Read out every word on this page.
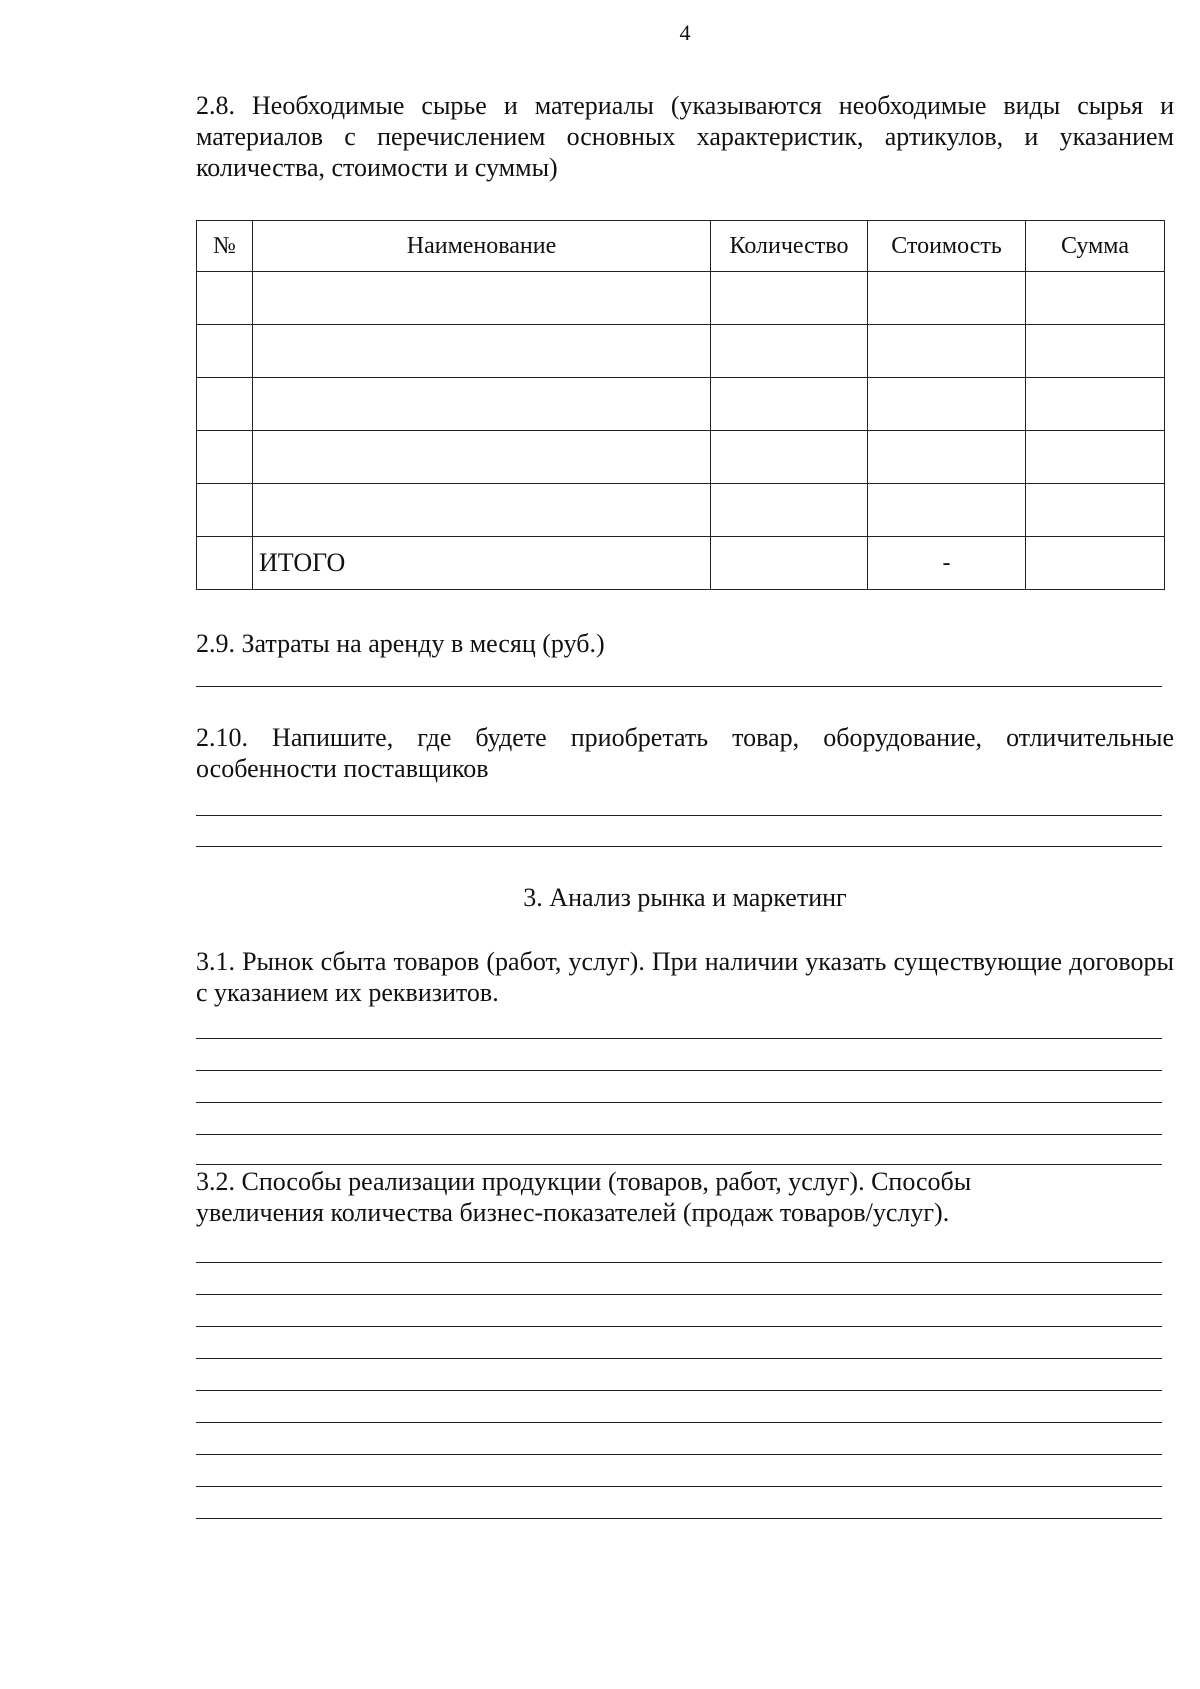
4

2.8. Необходимые сырье и материалы (указываются необходимые виды сырья и материалов с перечислением основных характеристик, артикулов, и указанием количества, стоимости и суммы)

№	Наименование	Количество	Стоимость	Сумма

	ИТОГО		-	

2.9. Затраты на аренду в месяц (руб.)

2.10. Напишите, где будете приобретать товар, оборудование, отличительные особенности поставщиков

3. Анализ рынка и маркетинг

3.1. Рынок сбыта товаров (работ, услуг). При наличии указать существующие договоры с указанием их реквизитов.

3.2. Способы реализации продукции (товаров, работ, услуг). Способы

увеличения количества бизнес-показателей (продаж товаров/услуг).
